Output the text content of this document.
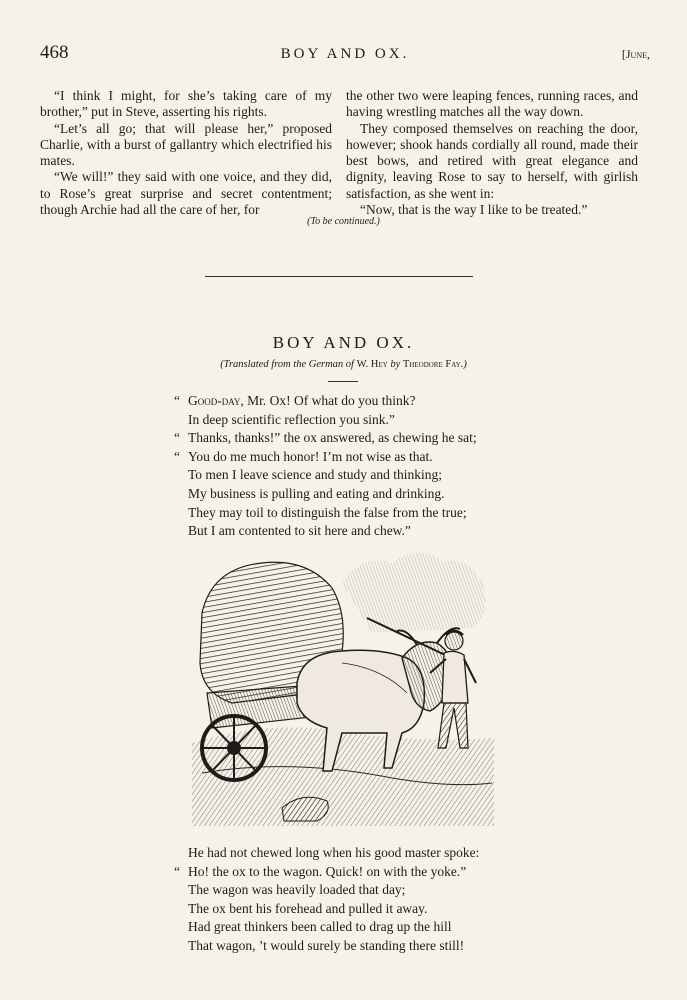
468	BOY AND OX.	[June,

“I think I might, for she’s taking care of my brother,” put in Steve, asserting his rights.

“Let’s all go; that will please her,” proposed Charlie, with a burst of gallantry which electrified his mates.

“We will!” they said with one voice, and they did, to Rose’s great surprise and secret contentment; though Archie had all the care of her, for

the other two were leaping fences, running races, and having wrestling matches all the way down.

They composed themselves on reaching the door, however; shook hands cordially all round, made their best bows, and retired with great elegance and dignity, leaving Rose to say to herself, with girlish satisfaction, as she went in:

“Now, that is the way I like to be treated.”

(To be continued.)
BOY AND OX.
(Translated from the German of W. Hey by Theodore Fay.)
“ Good-day, Mr. Ox! Of what do you think?
In deep scientific reflection you sink.”
“ Thanks, thanks!” the ox answered, as chewing he sat;
“ You do me much honor! I’m not wise as that.
To men I leave science and study and thinking;
My business is pulling and eating and drinking.
They may toil to distinguish the false from the true;
But I am contented to sit here and chew.”
He had not chewed long when his good master spoke:
“ Ho! the ox to the wagon. Quick! on with the yoke.”
The wagon was heavily loaded that day;
The ox bent his forehead and pulled it away.
Had great thinkers been called to drag up the hill
That wagon, ’t would surely be standing there still!
